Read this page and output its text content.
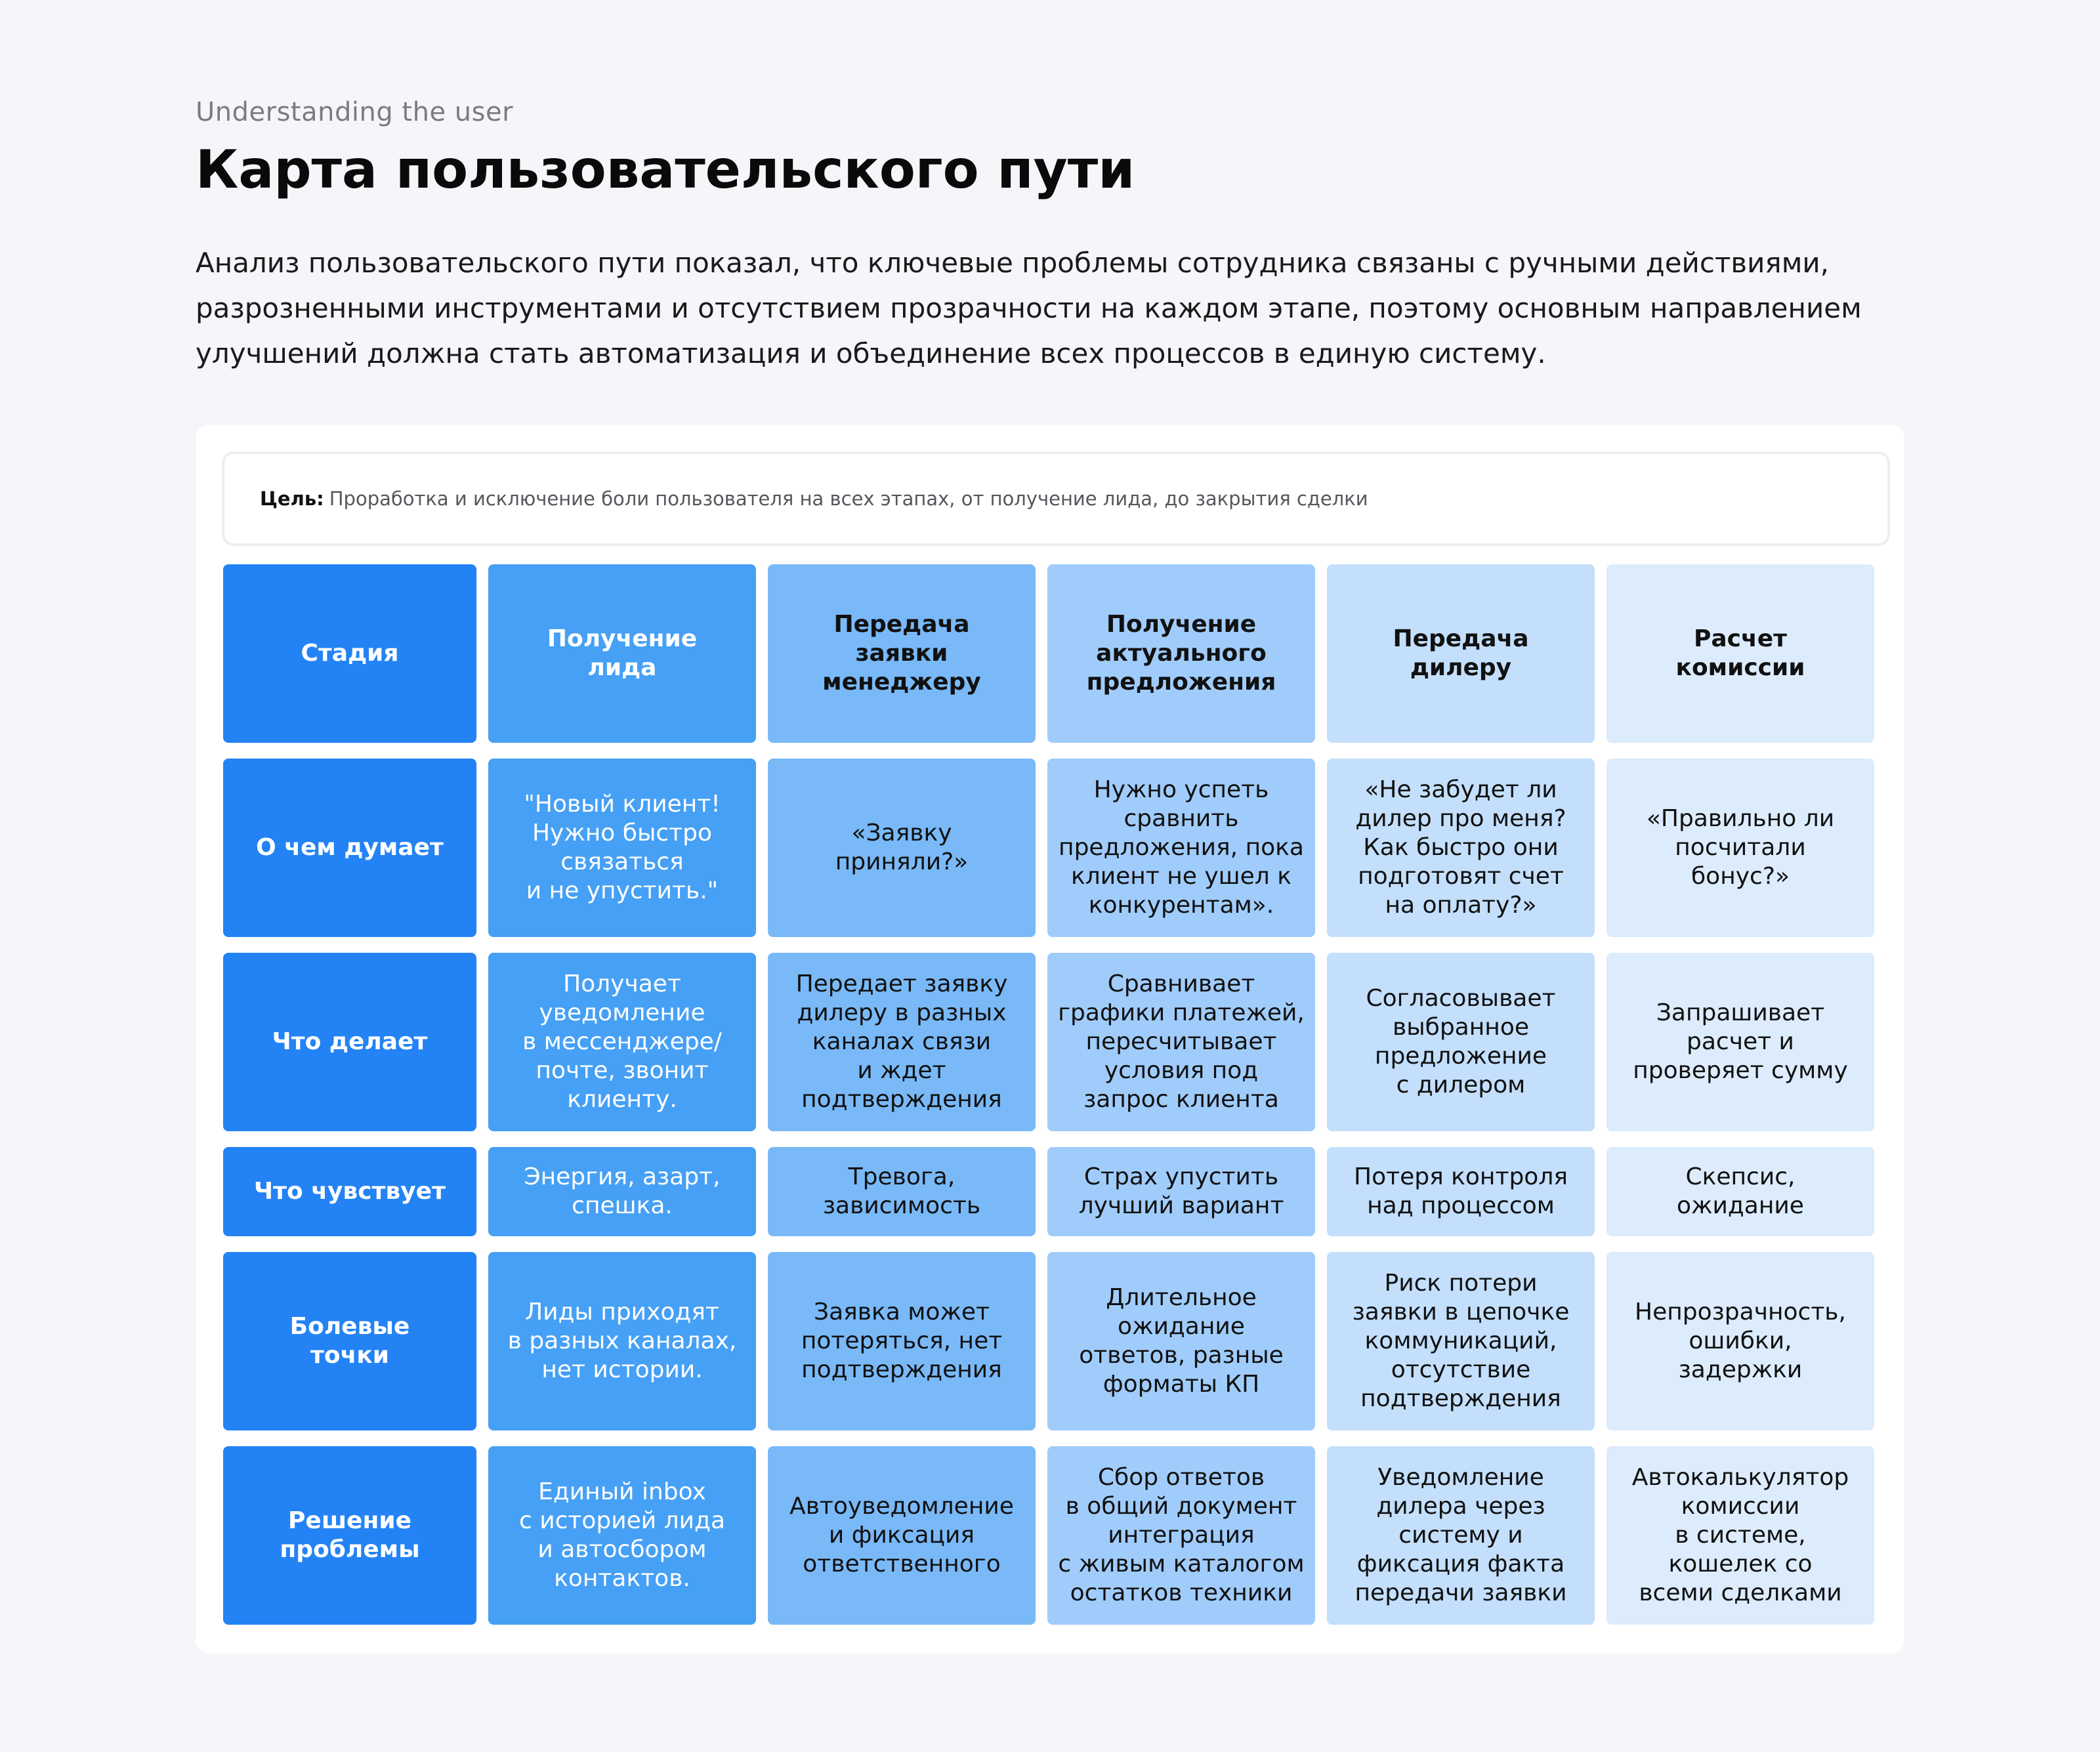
Understanding the user
Карта пользовательского пути
Анализ пользовательского пути показал, что ключевые проблемы сотрудника связаны с ручными действиями, разрозненными инструментами и отсутствием прозрачности на каждом этапе, поэтому основным направлением улучшений должна стать автоматизация и объединение всех процессов в единую систему.
Цель: Проработка и исключение боли пользователя на всех этапах, от получение лида, до закрытия сделки
Стадия
Получение
лида
Передача
заявки
менеджеру
Получение
актуального
предложения
Передача
дилеру
Расчет
комиссии
О чем думает
"Новый клиент!
Нужно быстро
связаться
и не упустить."
«Заявку
приняли?»
Нужно успеть
сравнить
предложения, пока
клиент не ушел к
конкурентам».
«Не забудет ли
дилер про меня?
Как быстро они
подготовят счет
на оплату?»
«Правильно ли
посчитали
бонус?»
Что делает
Получает
уведомление
в мессенджере/
почте, звонит
клиенту.
Передает заявку
дилеру в разных
каналах связи
и ждет
подтверждения
Сравнивает
графики платежей,
пересчитывает
условия под
запрос клиента
Согласовывает
выбранное
предложение
с дилером
Запрашивает
расчет и
проверяет сумму
Что чувствует
Энергия, азарт,
спешка.
Тревога,
зависимость
Страх упустить
лучший вариант
Потеря контроля
над процессом
Скепсис,
ожидание
Болевые
точки
Лиды приходят
в разных каналах,
нет истории.
Заявка может
потеряться, нет
подтверждения
Длительное
ожидание
ответов, разные
форматы КП
Риск потери
заявки в цепочке
коммуникаций,
отсутствие
подтверждения
Непрозрачность,
ошибки,
задержки
Решение
проблемы
Единый inbox
с историей лида
и автосбором
контактов.
Автоуведомление
и фиксация
ответственного
Сбор ответов
в общий документ
интеграция
с живым каталогом
остатков техники
Уведомление
дилера через
систему и
фиксация факта
передачи заявки
Автокалькулятор
комиссии
в системе,
кошелек со
всеми сделками
